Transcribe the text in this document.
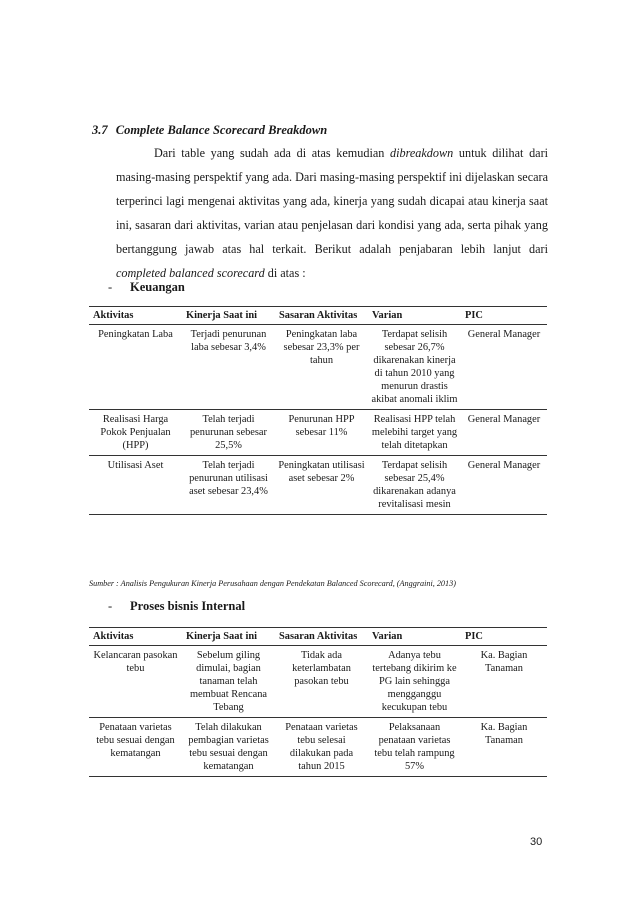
3.7 Complete Balance Scorecard Breakdown

Dari table yang sudah ada di atas kemudian dibreakdown untuk dilihat dari masing-masing perspektif yang ada. Dari masing-masing perspektif ini dijelaskan secara terperinci lagi mengenai aktivitas yang ada, kinerja yang sudah dicapai atau kinerja saat ini, sasaran dari aktivitas, varian atau penjelasan dari kondisi yang ada, serta pihak yang bertanggung jawab atas hal terkait. Berikut adalah penjabaran lebih lanjut dari completed balanced scorecard di atas :

- Keuangan
Aktivitas	Kinerja Saat ini	Sasaran Aktivitas	Varian	PIC
Peningkatan Laba	Terjadi penurunan laba sebesar 3,4%	Peningkatan laba sebesar 23,3% per tahun	Terdapat selisih sebesar 26,7% dikarenakan kinerja di tahun 2010 yang menurun drastis akibat anomali iklim	General Manager
Realisasi Harga Pokok Penjualan (HPP)	Telah terjadi penurunan sebesar 25,5%	Penurunan HPP sebesar 11%	Realisasi HPP telah melebihi target yang telah ditetapkan	General Manager
Utilisasi Aset	Telah terjadi penurunan utilisasi aset sebesar 23,4%	Peningkatan utilisasi aset sebesar 2%	Terdapat selisih sebesar 25,4% dikarenakan adanya revitalisasi mesin	General Manager
Sumber : Analisis Pengukuran Kinerja Perusahaan dengan Pendekatan Balanced Scorecard, (Anggraini, 2013)
- Proses bisnis Internal
Aktivitas	Kinerja Saat ini	Sasaran Aktivitas	Varian	PIC
Kelancaran pasokan tebu	Sebelum giling dimulai, bagian tanaman telah membuat Rencana Tebang	Tidak ada keterlambatan pasokan tebu	Adanya tebu tertebang dikirim ke PG lain sehingga mengganggu kecukupan tebu	Ka. Bagian Tanaman
Penataan varietas tebu sesuai dengan kematangan	Telah dilakukan pembagian varietas tebu sesuai dengan kematangan	Penataan varietas tebu selesai dilakukan pada tahun 2015	Pelaksanaan penataan varietas tebu telah rampung 57%	Ka. Bagian Tanaman
30
